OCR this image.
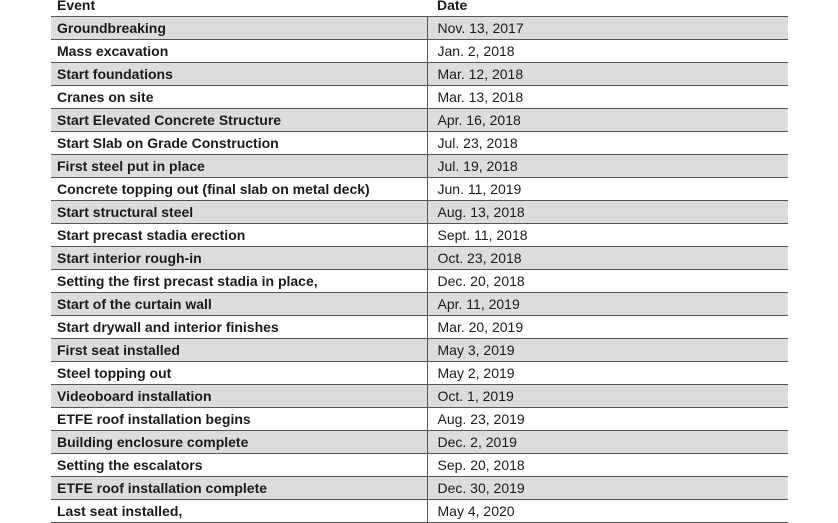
Event	Date
Groundbreaking	Nov. 13, 2017
Mass excavation	Jan. 2, 2018
Start foundations	Mar. 12, 2018
Cranes on site	Mar. 13, 2018
Start Elevated Concrete Structure	Apr. 16, 2018
Start Slab on Grade Construction	Jul. 23, 2018
First steel put in place	Jul. 19, 2018
Concrete topping out (final slab on metal deck)	Jun. 11, 2019
Start structural steel	Aug. 13, 2018
Start precast stadia erection	Sept. 11, 2018
Start interior rough-in	Oct. 23, 2018
Setting the first precast stadia in place,	Dec. 20, 2018
Start of the curtain wall	Apr. 11, 2019
Start drywall and interior finishes	Mar. 20, 2019
First seat installed	May 3, 2019
Steel topping out	May 2, 2019
Videoboard installation	Oct. 1, 2019
ETFE roof installation begins	Aug. 23, 2019
Building enclosure complete	Dec. 2, 2019
Setting the escalators	Sep. 20, 2018
ETFE roof installation complete	Dec. 30, 2019
Last seat installed,	May 4, 2020
